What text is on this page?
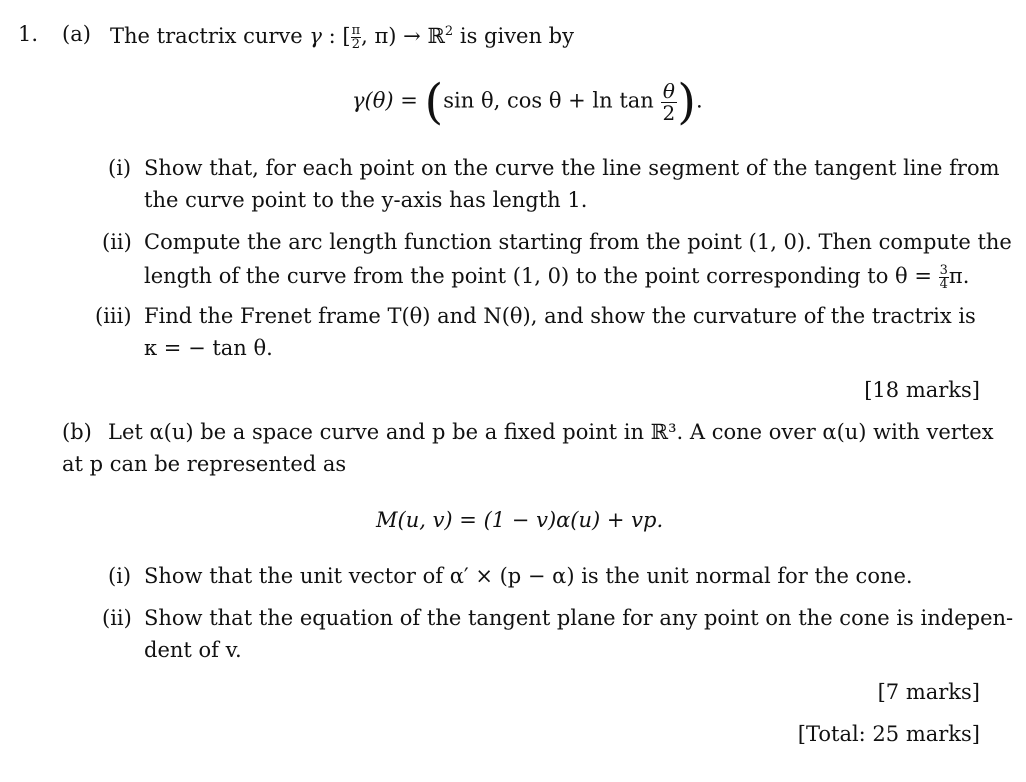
1. (a) The tractrix curve γ : [ $\frac{\pi}{2}$ , π) → ℝ$^2$ is given by
γ(θ) = (sin θ, $\cos \theta + \ln \tan \frac{\theta}{2}$ ).
(i) Show that, for each point on the curve the line segment of the tangent line from
the curve point to the y-axis has length 1.
(ii) Compute the arc length function starting from the point (1, 0). Then compute the
length of the curve from the point (1, 0) to the point corresponding to $\theta = \frac{3}{4} \pi$.
(iii) Find the Frenet frame T(θ) and N(θ), and show the curvature of the tractrix is
κ = − tan θ.
[18 marks]
(b) Let α(u) be a space curve and p be a fixed point in ℝ³. A cone over α(u) with vertex
at p can be represented as
M(u, v) = (1 − v)α(u) + vp.
(i) Show that the unit vector of α′ × (p − α) is the unit normal for the cone.
(ii) Show that the equation of the tangent plane for any point on the cone is indepen-
dent of v.
[7 marks]
[Total: 25 marks]
